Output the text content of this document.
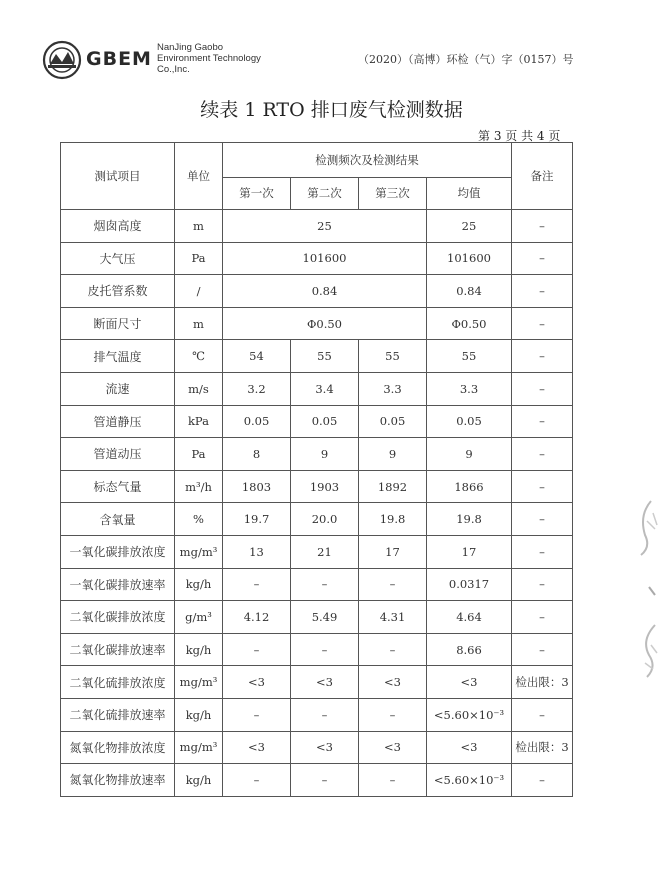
GBEM
NanJing Gaobo
Environment Technology
Co.,Inc.
（2020）（高博）环检（气）字（0157）号
续表 1 RTO 排口废气检测数据
第 3 页 共 4 页
测试项目	单位	检测频次及检测结果				备注
		第一次	第二次	第三次	均值	
烟囱高度	m	25			25	–
大气压	Pa	101600			101600	–
皮托管系数	/	0.84			0.84	–
断面尺寸	m	Φ0.50			Φ0.50	–
排气温度	℃	54	55	55	55	–
流速	m/s	3.2	3.4	3.3	3.3	–
管道静压	kPa	0.05	0.05	0.05	0.05	–
管道动压	Pa	8	9	9	9	–
标态气量	m³/h	1803	1903	1892	1866	–
含氧量	%	19.7	20.0	19.8	19.8	–
一氧化碳排放浓度	mg/m³	13	21	17	17	–
一氧化碳排放速率	kg/h	–	–	–	0.0317	–
二氧化碳排放浓度	g/m³	4.12	5.49	4.31	4.64	–
二氧化碳排放速率	kg/h	–	–	–	8.66	–
二氧化硫排放浓度	mg/m³	<3	<3	<3	<3	检出限：3
二氧化硫排放速率	kg/h	–	–	–	<5.60×10⁻³	–
氮氧化物排放浓度	mg/m³	<3	<3	<3	<3	检出限：3
氮氧化物排放速率	kg/h	–	–	–	<5.60×10⁻³	–
